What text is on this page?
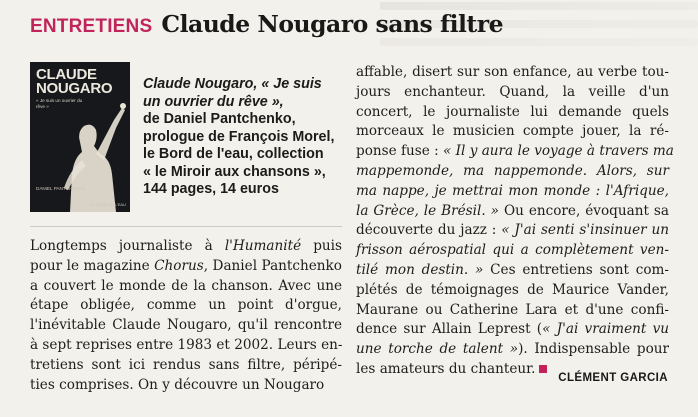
ENTRETIENS Claude Nougaro sans filtre
CLAUDE
NOUGARO
« Je suis un ouvrier du rêve »
DANIEL PANTCHENKO
LE BORD DE L'EAU
Claude Nougaro, « Je suis
un ouvrier du rêve »,
de Daniel Pantchenko,
prologue de François Morel,
le Bord de l'eau, collection
« le Miroir aux chansons »,
144 pages, 14 euros
Longtemps journaliste à l'Humanité puis
pour le magazine Chorus, Daniel Pantchenko
a couvert le monde de la chanson. Avec une
étape obligée, comme un point d'orgue,
l'inévitable Claude Nougaro, qu'il rencontre
à sept reprises entre 1983 et 2002. Leurs en-
tretiens sont ici rendus sans filtre, péripé-
ties comprises. On y découvre un Nougaro
affable, disert sur son enfance, au verbe tou-
jours enchanteur. Quand, la veille d'un
concert, le journaliste lui demande quels
morceaux le musicien compte jouer, la ré-
ponse fuse : « Il y aura le voyage à travers ma
mappemonde, ma nappemonde. Alors, sur
ma nappe, je mettrai mon monde : l'Afrique,
la Grèce, le Brésil. » Ou encore, évoquant sa
découverte du jazz : « J'ai senti s'insinuer un
frisson aérospatial qui a complètement ven-
tilé mon destin. » Ces entretiens sont com-
plétés de témoignages de Maurice Vander,
Maurane ou Catherine Lara et d'une confi-
dence sur Allain Leprest (« J'ai vraiment vu
une torche de talent »). Indispensable pour
les amateurs du chanteur.
CLÉMENT GARCIA
